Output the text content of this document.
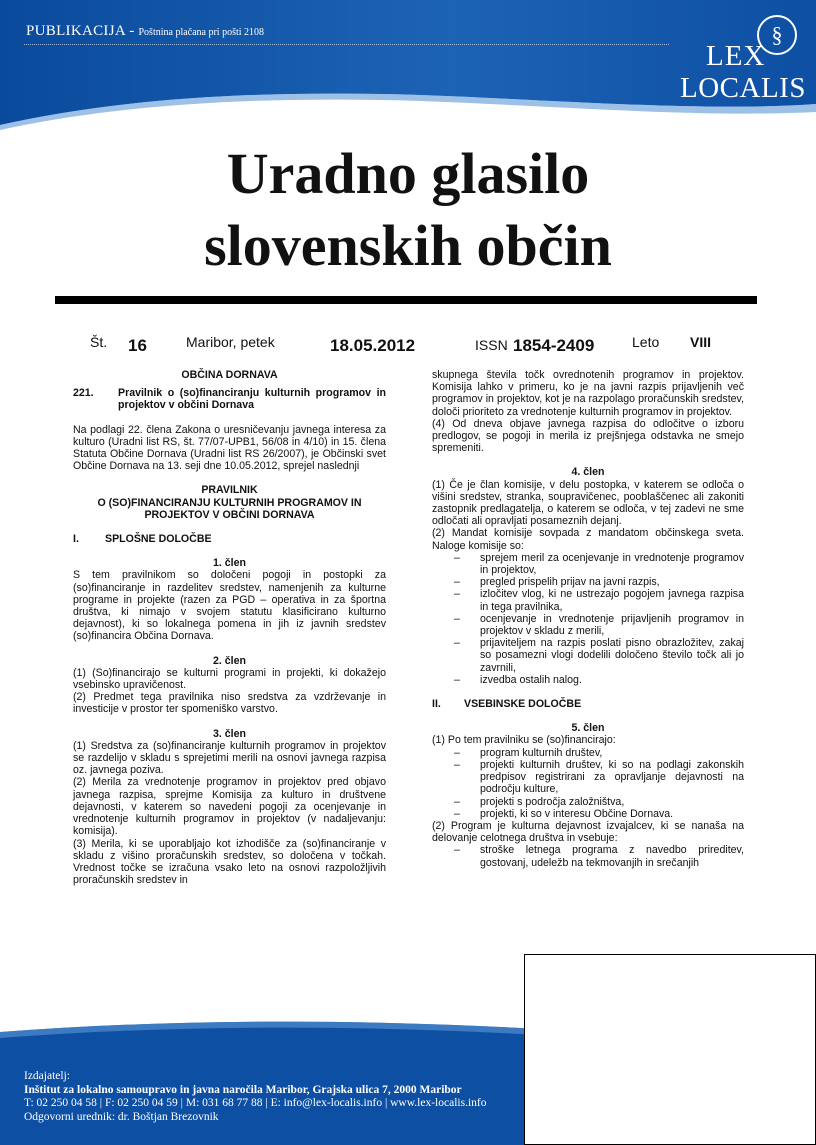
PUBLIKACIJA - Poštnina plačana pri pošti 2108	§
LEX
LOCALIS
Uradno glasilo
slovenskih občin
Št. 16	Maribor, petek	18.05.2012	ISSN 1854-2409	Leto VIII
OBČINA DORNAVA
221.	Pravilnik o (so)financiranju kulturnih programov in projektov v občini Dornava
Na podlagi 22. člena Zakona o uresničevanju javnega interesa za kulturo (Uradni list RS, št. 77/07-UPB1, 56/08 in 4/10) in 15. člena Statuta Občine Dornava (Uradni list RS 26/2007), je Občinski svet Občine Dornava na 13. seji dne 10.05.2012, sprejel naslednji
PRAVILNIK
O (SO)FINANCIRANJU KULTURNIH PROGRAMOV IN PROJEKTOV V OBČINI DORNAVA
I.	SPLOŠNE DOLOČBE
1. člen
S tem pravilnikom so določeni pogoji in postopki za (so)financiranje in razdelitev sredstev, namenjenih za kulturne programe in projekte (razen za PGD – operativa in za športna društva, ki nimajo v svojem statutu klasificirano kulturno dejavnost), ki so lokalnega pomena in jih iz javnih sredstev (so)financira Občina Dornava.
2. člen
(1) (So)financirajo se kulturni programi in projekti, ki dokažejo vsebinsko upravičenost.
(2) Predmet tega pravilnika niso sredstva za vzdrževanje in investicije v prostor ter spomeniško varstvo.
3. člen
(1) Sredstva za (so)financiranje kulturnih programov in projektov se razdelijo v skladu s sprejetimi merili na osnovi javnega razpisa oz. javnega poziva.
(2) Merila za vrednotenje programov in projektov pred objavo javnega razpisa, sprejme Komisija za kulturo in društvene dejavnosti, v katerem so navedeni pogoji za ocenjevanje in vrednotenje kulturnih programov in projektov (v nadaljevanju: komisija).
(3) Merila, ki se uporabljajo kot izhodišče za (so)financiranje v skladu z višino proračunskih sredstev, so določena v točkah. Vrednost točke se izračuna vsako leto na osnovi razpoložljivih proračunskih sredstev in
skupnega števila točk ovrednotenih programov in projektov. Komisija lahko v primeru, ko je na javni razpis prijavljenih več programov in projektov, kot je na razpolago proračunskih sredstev, določi prioriteto za vrednotenje kulturnih programov in projektov.
(4) Od dneva objave javnega razpisa do odločitve o izboru predlogov, se pogoji in merila iz prejšnjega odstavka ne smejo spremeniti.
4. člen
(1) Če je član komisije, v delu postopka, v katerem se odloča o višini sredstev, stranka, soupravičenec, pooblaščenec ali zakoniti zastopnik predlagatelja, o katerem se odloča, v tej zadevi ne sme odločati ali opravljati posameznih dejanj.
(2) Mandat komisije sovpada z mandatom občinskega sveta. Naloge komisije so:
– sprejem meril za ocenjevanje in vrednotenje programov in projektov,
– pregled prispelih prijav na javni razpis,
– izločitev vlog, ki ne ustrezajo pogojem javnega razpisa in tega pravilnika,
– ocenjevanje in vrednotenje prijavljenih programov in projektov v skladu z merili,
– prijaviteljem na razpis poslati pisno obrazložitev, zakaj so posamezni vlogi dodelili določeno število točk ali jo zavrnili,
– izvedba ostalih nalog.
II.	VSEBINSKE DOLOČBE
5. člen
(1) Po tem pravilniku se (so)financirajo:
– program kulturnih društev,
– projekti kulturnih društev, ki so na podlagi zakonskih predpisov registrirani za opravljanje dejavnosti na področju kulture,
– projekti s področja založništva,
– projekti, ki so v interesu Občine Dornava.
(2) Program je kulturna dejavnost izvajalcev, ki se nanaša na delovanje celotnega društva in vsebuje:
– stroške letnega programa z navedbo prireditev, gostovanj, udeležb na tekmovanjih in srečanjih
Izdajatelj:
Inštitut za lokalno samoupravo in javna naročila Maribor, Grajska ulica 7, 2000 Maribor
T: 02 250 04 58 | F: 02 250 04 59 | M: 031 68 77 88 | E: info@lex-localis.info | www.lex-localis.info
Odgovorni urednik: dr. Boštjan Brezovnik
